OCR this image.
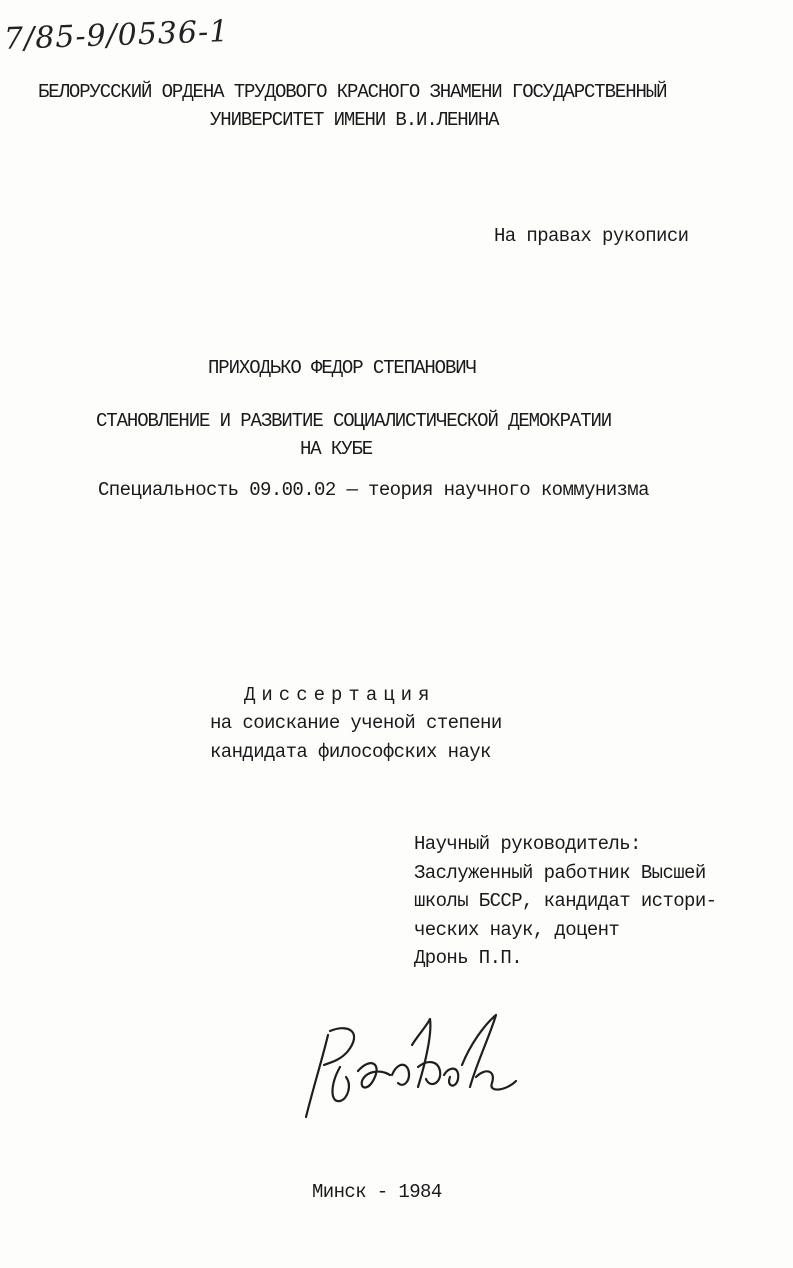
7/85-9/0536-1
БЕЛОРУССКИЙ ОРДЕНА ТРУДОВОГО КРАСНОГО ЗНАМЕНИ ГОСУДАРСТВЕННЫЙ
УНИВЕРСИТЕТ ИМЕНИ В.И.ЛЕНИНА
На правах рукописи
ПРИХОДЬКО ФЕДОР СТЕПАНОВИЧ
СТАНОВЛЕНИЕ И РАЗВИТИЕ СОЦИАЛИСТИЧЕСКОЙ ДЕМОКРАТИИ
НА КУБЕ
Специальность 09.00.02 — теория научного коммунизма
Диссертация
на соискание ученой степени
кандидата философских наук
Научный руководитель:
Заслуженный работник Высшей
школы БССР, кандидат истори-
ческих наук, доцент
Дронь П.П.
Минск - 1984
